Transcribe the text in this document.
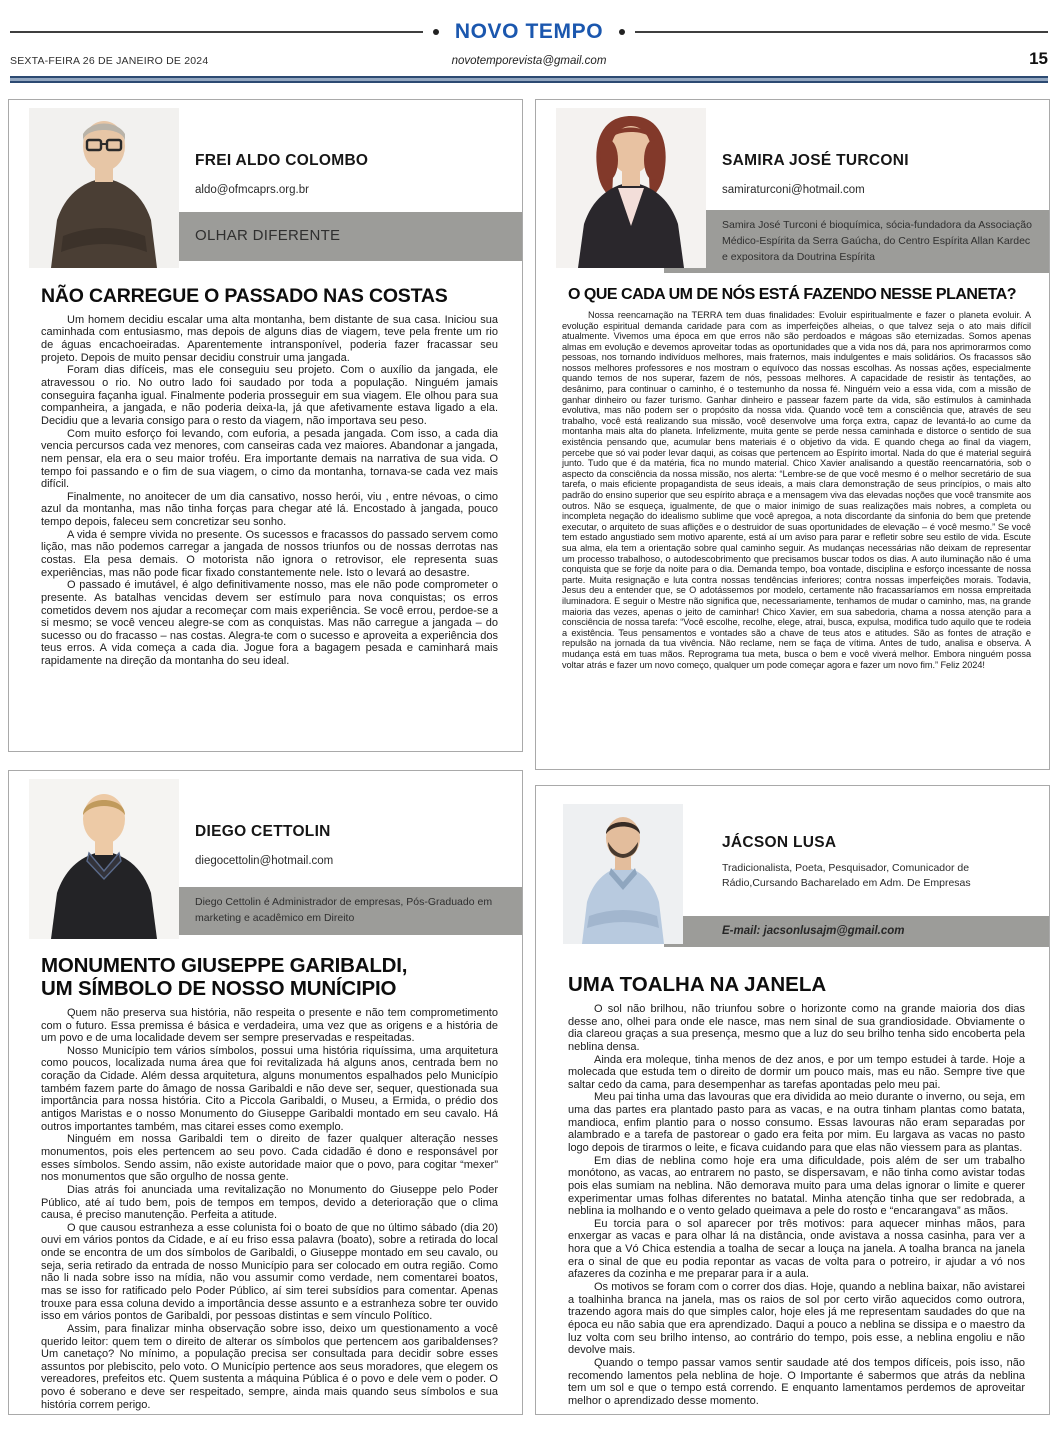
NOVO TEMPO
SEXTA-FEIRA 26 DE JANEIRO DE 2024	novotemporevista@gmail.com	15
OLHAR DIFERENTE
FREI ALDO COLOMBO
aldo@ofmcaprs.org.br
NÃO CARREGUE O PASSADO NAS COSTAS

Um homem decidiu escalar uma alta montanha, bem distante de sua casa. Iniciou sua caminhada com entusiasmo, mas depois de alguns dias de viagem, teve pela frente um rio de águas encachoeiradas. Aparentemente intransponível, poderia fazer fracassar seu projeto. Depois de muito pensar decidiu construir uma jangada.

Foram dias difíceis, mas ele conseguiu seu projeto. Com o auxílio da jangada, ele atravessou o rio. No outro lado foi saudado por toda a população. Ninguém jamais conseguira façanha igual. Finalmente poderia prosseguir em sua viagem. Ele olhou para sua companheira, a jangada, e não poderia deixa-la, já que afetivamente estava ligado a ela. Decidiu que a levaria consigo para o resto da viagem, não importava seu peso.

Com muito esforço foi levando, com euforia, a pesada jangada. Com isso, a cada dia vencia percursos cada vez menores, com canseiras cada vez maiores. Abandonar a jangada, nem pensar, ela era o seu maior troféu. Era importante demais na narrativa de sua vida. O tempo foi passando e o fim de sua viagem, o cimo da montanha, tornava-se cada vez mais difícil.

Finalmente, no anoitecer de um dia cansativo, nosso herói, viu , entre névoas, o cimo azul da montanha, mas não tinha forças para chegar até lá. Encostado à jangada, pouco tempo depois, faleceu sem concretizar seu sonho.

A vida é sempre vivida no presente. Os sucessos e fracassos do passado servem como lição, mas não podemos carregar a jangada de nossos triunfos ou de nossas derrotas nas costas. Ela pesa demais. O motorista não ignora o retrovisor, ele representa suas experiências, mas não pode ficar fixado constantemente nele. Isto o levará ao desastre.

O passado é imutável, é algo definitivamente nosso, mas ele não pode comprometer o presente. As batalhas vencidas devem ser estímulo para nova conquistas; os erros cometidos devem nos ajudar a recomeçar com mais experiência. Se você errou, perdoe-se a si mesmo; se você venceu alegre-se com as conquistas. Mas não carregue a jangada – do sucesso ou do fracasso – nas costas. Alegra-te com o sucesso e aproveita a experiência dos teus erros. A vida começa a cada dia. Jogue fora a bagagem pesada e caminhará mais rapidamente na direção da montanha do seu ideal.

Diego Cettolin é Administrador de empresas, Pós-Graduado em marketing e acadêmico em Direito
DIEGO CETTOLIN
diegocettolin@hotmail.com
MONUMENTO GIUSEPPE GARIBALDI,
UM SÍMBOLO DE NOSSO MUNÍCIPIO

Quem não preserva sua história, não respeita o presente e não tem comprometimento com o futuro. Essa premissa é básica e verdadeira, uma vez que as origens e a história de um povo e de uma localidade devem ser sempre preservadas e respeitadas.

Nosso Município tem vários símbolos, possui uma história riquíssima, uma arquitetura como poucos, localizada numa área que foi revitalizada há alguns anos, centrada bem no coração da Cidade. Além dessa arquitetura, alguns monumentos espalhados pelo Município também fazem parte do âmago de nossa Garibaldi e não deve ser, sequer, questionada sua importância para nossa história. Cito a Piccola Garibaldi, o Museu, a Ermida, o prédio dos antigos Maristas e o nosso Monumento do Giuseppe Garibaldi montado em seu cavalo. Há outros importantes também, mas citarei esses como exemplo.

Ninguém em nossa Garibaldi tem o direito de fazer qualquer alteração nesses monumentos, pois eles pertencem ao seu povo. Cada cidadão é dono e responsável por esses símbolos. Sendo assim, não existe autoridade maior que o povo, para cogitar “mexer” nos monumentos que são orgulho de nossa gente.

Dias atrás foi anunciada uma revitalização no Monumento do Giuseppe pelo Poder Público, até aí tudo bem, pois de tempos em tempos, devido a deterioração que o clima causa, é preciso manutenção. Perfeita a atitude.

O que causou estranheza a esse colunista foi o boato de que no último sábado (dia 20) ouvi em vários pontos da Cidade, e aí eu friso essa palavra (boato), sobre a retirada do local onde se encontra de um dos símbolos de Garibaldi, o Giuseppe montado em seu cavalo, ou seja, seria retirado da entrada de nosso Município para ser colocado em outra região. Como não li nada sobre isso na mídia, não vou assumir como verdade, nem comentarei boatos, mas se isso for ratificado pelo Poder Público, aí sim terei subsídios para comentar. Apenas trouxe para essa coluna devido a importância desse assunto e a estranheza sobre ter ouvido isso em vários pontos de Garibaldi, por pessoas distintas e sem vínculo Político.

Assim, para finalizar minha observação sobre isso, deixo um questionamento a você querido leitor: quem tem o direito de alterar os símbolos que pertencem aos garibaldenses? Um canetaço? No mínimo, a população precisa ser consultada para decidir sobre esses assuntos por plebiscito, pelo voto. O Município pertence aos seus moradores, que elegem os vereadores, prefeitos etc. Quem sustenta a máquina Pública é o povo e dele vem o poder. O povo é soberano e deve ser respeitado, sempre, ainda mais quando seus símbolos e sua história correm perigo.

Samira José Turconi é bioquímica, sócia-fundadora da Associação Médico-Espírita da Serra Gaúcha, do Centro Espírita Allan Kardec e expositora da Doutrina Espírita
SAMIRA JOSÉ TURCONI
samiraturconi@hotmail.com
O QUE CADA UM DE NÓS ESTÁ FAZENDO NESSE PLANETA?

Nossa reencarnação na TERRA tem duas finalidades: Evoluir espiritualmente e fazer o planeta evoluir. A evolução espiritual demanda caridade para com as imperfeições alheias, o que talvez seja o ato mais difícil atualmente. Vivemos uma época em que erros não são perdoados e mágoas são eternizadas. Somos apenas almas em evolução e devemos aproveitar todas as oportunidades que a vida nos dá, para nos aprimorarmos como pessoas, nos tornando indivíduos melhores, mais fraternos, mais indulgentes e mais solidários. Os fracassos são nossos melhores professores e nos mostram o equívoco das nossas escolhas. As nossas ações, especialmente quando temos de nos superar, fazem de nós, pessoas melhores. A capacidade de resistir às tentações, ao desânimo, para continuar o caminho, é o testemunho da nossa fé. Ninguém veio a essa vida, com a missão de ganhar dinheiro ou fazer turismo. Ganhar dinheiro e passear fazem parte da vida, são estímulos à caminhada evolutiva, mas não podem ser o propósito da nossa vida. Quando você tem a consciência que, através de seu trabalho, você está realizando sua missão, você desenvolve uma força extra, capaz de levantá-lo ao cume da montanha mais alta do planeta. Infelizmente, muita gente se perde nessa caminhada e distorce o sentido de sua existência pensando que, acumular bens materiais é o objetivo da vida. E quando chega ao final da viagem, percebe que só vai poder levar daqui, as coisas que pertencem ao Espírito imortal. Nada do que é material seguirá junto. Tudo que é da matéria, fica no mundo material. Chico Xavier analisando a questão reencarnatória, sob o aspecto da consciência da nossa missão, nos alerta: “Lembre-se de que você mesmo é o melhor secretário de sua tarefa, o mais eficiente propagandista de seus ideais, a mais clara demonstração de seus princípios, o mais alto padrão do ensino superior que seu espírito abraça e a mensagem viva das elevadas noções que você transmite aos outros. Não se esqueça, igualmente, de que o maior inimigo de suas realizações mais nobres, a completa ou incompleta negação do idealismo sublime que você apregoa, a nota discordante da sinfonia do bem que pretende executar, o arquiteto de suas aflições e o destruidor de suas oportunidades de elevação – é você mesmo.” Se você tem estado angustiado sem motivo aparente, está aí um aviso para parar e refletir sobre seu estilo de vida. Escute sua alma, ela tem a orientação sobre qual caminho seguir. As mudanças necessárias não deixam de representar um processo trabalhoso, o autodescobrimento que precisamos buscar todos os dias. A auto iluminação não é uma conquista que se forje da noite para o dia. Demanda tempo, boa vontade, disciplina e esforço incessante de nossa parte. Muita resignação e luta contra nossas tendências inferiores; contra nossas imperfeições morais. Todavia, Jesus deu a entender que, se O adotássemos por modelo, certamente não fracassaríamos em nossa empreitada iluminadora. E seguir o Mestre não significa que, necessariamente, tenhamos de mudar o caminho, mas, na grande maioria das vezes, apenas o jeito de caminhar! Chico Xavier, em sua sabedoria, chama a nossa atenção para a consciência de nossa tarefa: “Você escolhe, recolhe, elege, atrai, busca, expulsa, modifica tudo aquilo que te rodeia a existência. Teus pensamentos e vontades são a chave de teus atos e atitudes. São as fontes de atração e repulsão na jornada da tua vivência. Não reclame, nem se faça de vítima. Antes de tudo, analisa e observa. A mudança está em tuas mãos. Reprograma tua meta, busca o bem e você viverá melhor. Embora ninguém possa voltar atrás e fazer um novo começo, qualquer um pode começar agora e fazer um novo fim.” Feliz 2024!

E-mail: jacsonlusajm@gmail.com
JÁCSON LUSA
Tradicionalista, Poeta, Pesquisador, Comunicador de Rádio,Cursando Bacharelado em Adm. De Empresas
UMA TOALHA NA JANELA

O sol não brilhou, não triunfou sobre o horizonte como na grande maioria dos dias desse ano, olhei para onde ele nasce, mas nem sinal de sua grandiosidade. Obviamente o dia clareou graças a sua presença, mesmo que a luz do seu brilho tenha sido encoberta pela neblina densa.

Ainda era moleque, tinha menos de dez anos, e por um tempo estudei à tarde. Hoje a molecada que estuda tem o direito de dormir um pouco mais, mas eu não. Sempre tive que saltar cedo da cama, para desempenhar as tarefas apontadas pelo meu pai.

Meu pai tinha uma das lavouras que era dividida ao meio durante o inverno, ou seja, em uma das partes era plantado pasto para as vacas, e na outra tinham plantas como batata, mandioca, enfim plantio para o nosso consumo. Essas lavouras não eram separadas por alambrado e a tarefa de pastorear o gado era feita por mim. Eu largava as vacas no pasto logo depois de tirarmos o leite, e ficava cuidando para que elas não viessem para as plantas.

Em dias de neblina como hoje era uma dificuldade, pois além de ser um trabalho monótono, as vacas, ao entrarem no pasto, se dispersavam, e não tinha como avistar todas pois elas sumiam na neblina. Não demorava muito para uma delas ignorar o limite e querer experimentar umas folhas diferentes no batatal. Minha atenção tinha que ser redobrada, a neblina ia molhando e o vento gelado queimava a pele do rosto e “encarangava” as mãos.

Eu torcia para o sol aparecer por três motivos: para aquecer minhas mãos, para enxergar as vacas e para olhar lá na distância, onde avistava a nossa casinha, para ver a hora que a Vó Chica estendia a toalha de secar a louça na janela. A toalha branca na janela era o sinal de que eu podia repontar as vacas de volta para o potreiro, ir ajudar a vó nos afazeres da cozinha e me preparar para ir a aula.

Os motivos se foram com o correr dos dias. Hoje, quando a neblina baixar, não avistarei a toalhinha branca na janela, mas os raios de sol por certo virão aquecidos como outrora, trazendo agora mais do que simples calor, hoje eles já me representam saudades do que na época eu não sabia que era aprendizado. Daqui a pouco a neblina se dissipa e o maestro da luz volta com seu brilho intenso, ao contrário do tempo, pois esse, a neblina engoliu e não devolve mais.

Quando o tempo passar vamos sentir saudade até dos tempos difíceis, pois isso, não recomendo lamentos pela neblina de hoje. O Importante é sabermos que atrás da neblina tem um sol e que o tempo está correndo. E enquanto lamentamos perdemos de aproveitar melhor o aprendizado desse momento.
